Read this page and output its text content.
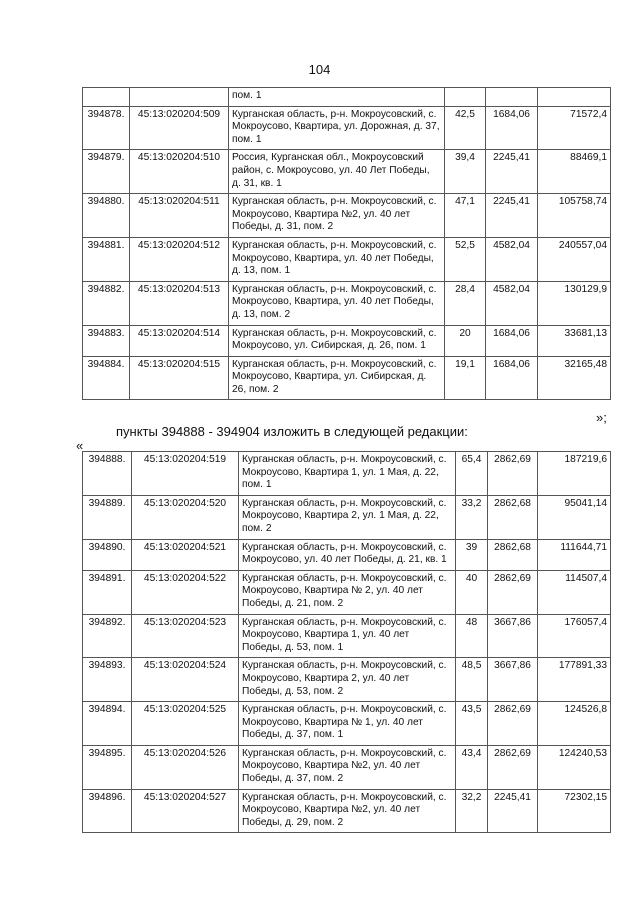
104
		пом. 1			
394878.	45:13:020204:509	Курганская область, р-н. Мокроусовский, с. Мокроусово, Квартира, ул. Дорожная, д. 37, пом. 1	42,5	1684,06	71572,4
394879.	45:13:020204:510	Россия, Курганская обл., Мокроусовский район, с. Мокроусово, ул. 40 Лет Победы, д. 31, кв. 1	39,4	2245,41	88469,1
394880.	45:13:020204:511	Курганская область, р-н. Мокроусовский, с. Мокроусово, Квартира №2, ул. 40 лет Победы, д. 31, пом. 2	47,1	2245,41	105758,74
394881.	45:13:020204:512	Курганская область, р-н. Мокроусовский, с. Мокроусово, Квартира, ул. 40 лет Победы, д. 13, пом. 1	52,5	4582,04	240557,04
394882.	45:13:020204:513	Курганская область, р-н. Мокроусовский, с. Мокроусово, Квартира, ул. 40 лет Победы, д. 13, пом. 2	28,4	4582,04	130129,9
394883.	45:13:020204:514	Курганская область, р-н. Мокроусовский, с. Мокроусово, ул. Сибирская, д. 26, пом. 1	20	1684,06	33681,13
394884.	45:13:020204:515	Курганская область, р-н. Мокроусовский, с. Мокроусово, Квартира, ул. Сибирская, д. 26, пом. 2	19,1	1684,06	32165,48
»;
пункты 394888 - 394904 изложить в следующей редакции:
«
394888.	45:13:020204:519	Курганская область, р-н. Мокроусовский, с. Мокроусово, Квартира 1, ул. 1 Мая, д. 22, пом. 1	65,4	2862,69	187219,6
394889.	45:13:020204:520	Курганская область, р-н. Мокроусовский, с. Мокроусово, Квартира 2, ул. 1 Мая, д. 22, пом. 2	33,2	2862,68	95041,14
394890.	45:13:020204:521	Курганская область, р-н. Мокроусовский, с. Мокроусово, ул. 40 лет Победы, д. 21, кв. 1	39	2862,68	111644,71
394891.	45:13:020204:522	Курганская область, р-н. Мокроусовский, с. Мокроусово, Квартира № 2, ул. 40 лет Победы, д. 21, пом. 2	40	2862,69	114507,4
394892.	45:13:020204:523	Курганская область, р-н. Мокроусовский, с. Мокроусово, Квартира 1, ул. 40 лет Победы, д. 53, пом. 1	48	3667,86	176057,4
394893.	45:13:020204:524	Курганская область, р-н. Мокроусовский, с. Мокроусово, Квартира 2, ул. 40 лет Победы, д. 53, пом. 2	48,5	3667,86	177891,33
394894.	45:13:020204:525	Курганская область, р-н. Мокроусовский, с. Мокроусово, Квартира № 1, ул. 40 лет Победы, д. 37, пом. 1	43,5	2862,69	124526,8
394895.	45:13:020204:526	Курганская область, р-н. Мокроусовский, с. Мокроусово, Квартира №2, ул. 40 лет Победы, д. 37, пом. 2	43,4	2862,69	124240,53
394896.	45:13:020204:527	Курганская область, р-н. Мокроусовский, с. Мокроусово, Квартира №2, ул. 40 лет Победы, д. 29, пом. 2	32,2	2245,41	72302,15
